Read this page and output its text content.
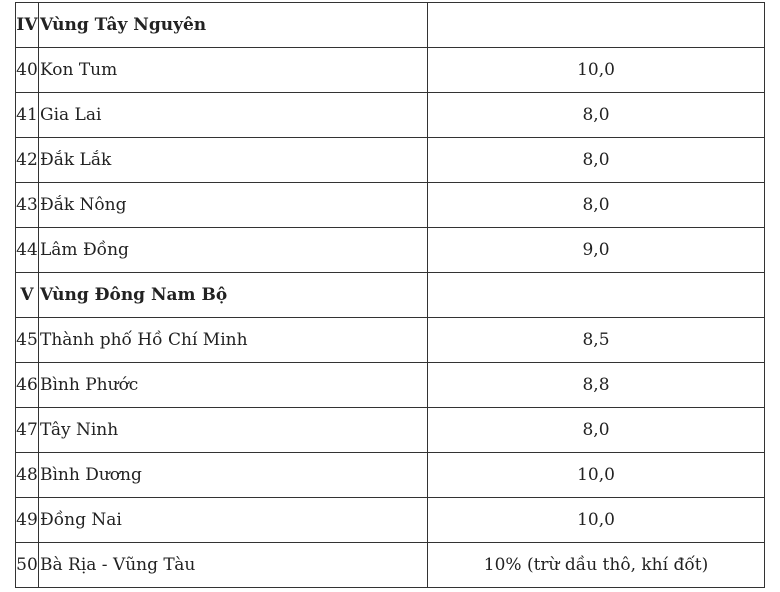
IV	Vùng Tây Nguyên	
40	Kon Tum	10,0
41	Gia Lai	8,0
42	Đắk Lắk	8,0
43	Đắk Nông	8,0
44	Lâm Đồng	9,0
V	Vùng Đông Nam Bộ	
45	Thành phố Hồ Chí Minh	8,5
46	Bình Phước	8,8
47	Tây Ninh	8,0
48	Bình Dương	10,0
49	Đồng Nai	10,0
50	Bà Rịa - Vũng Tàu	10% (trừ dầu thô, khí đốt)
